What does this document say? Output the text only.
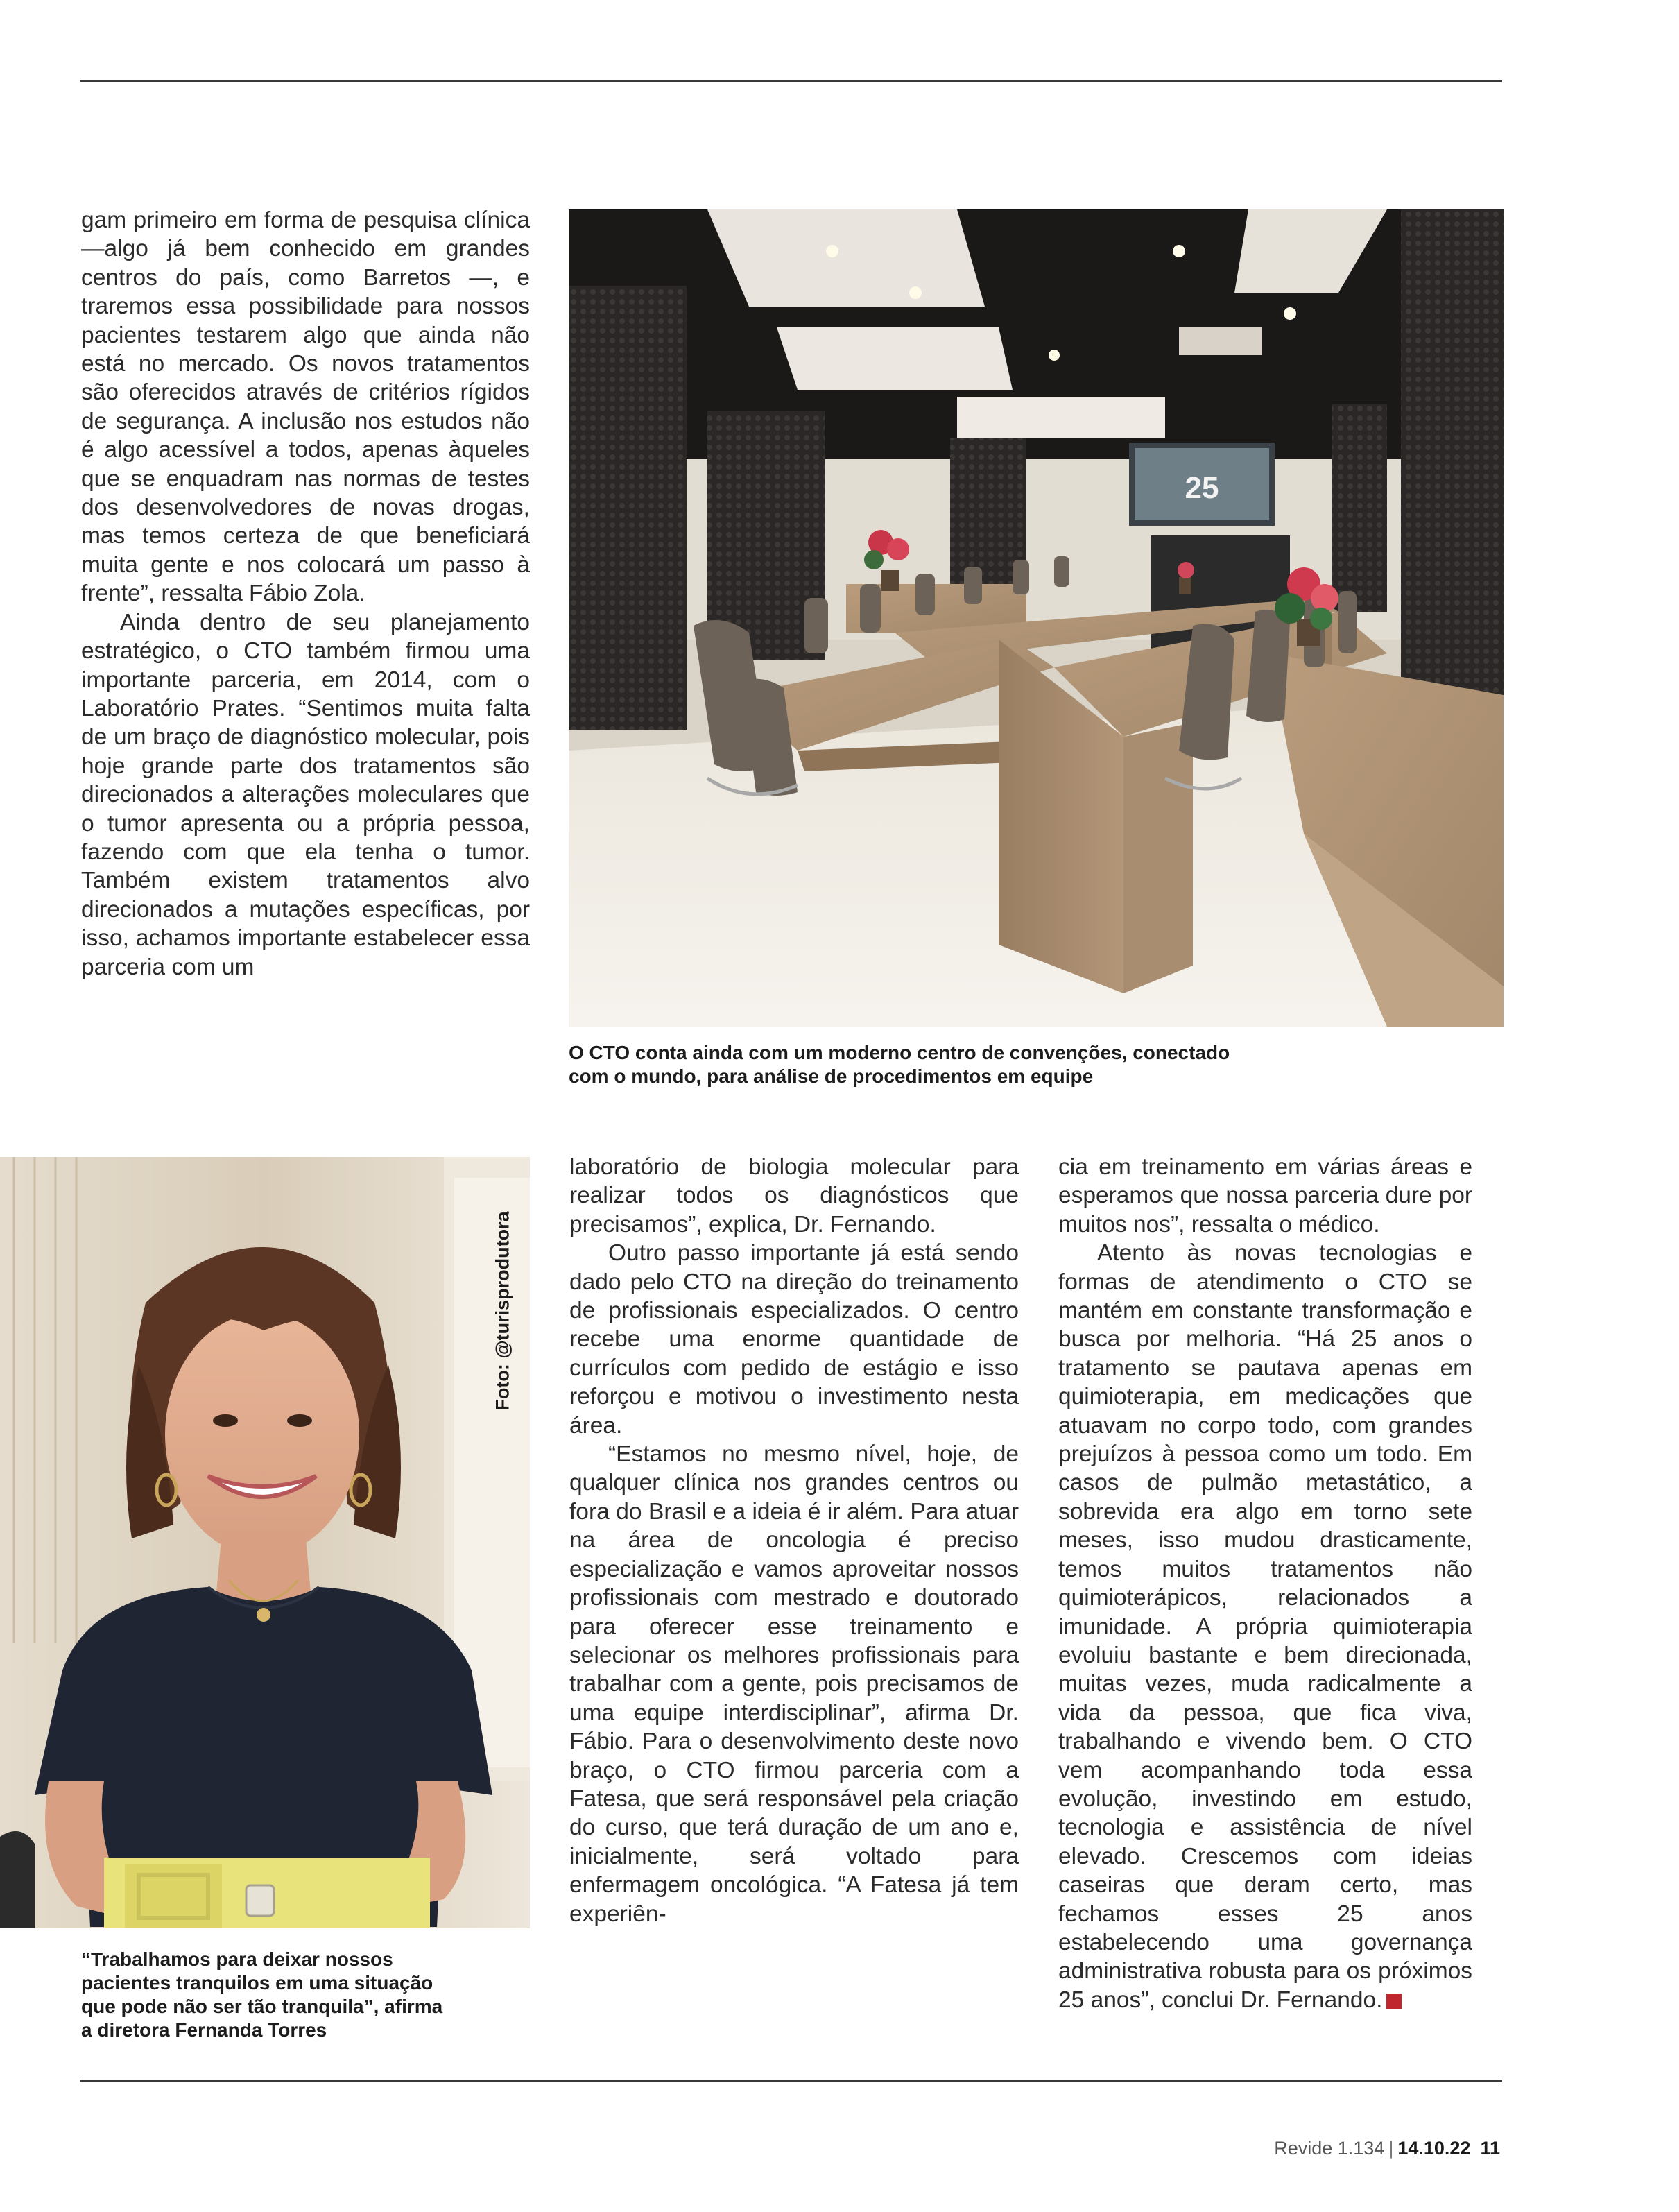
gam primeiro em forma de pesquisa clínica —algo já bem conhecido em grandes centros do país, como Barretos —, e traremos essa possibilidade para nossos pacientes testarem algo que ainda não está no mercado. Os novos tratamentos são oferecidos através de critérios rígidos de segurança. A inclusão nos estudos não é algo acessível a todos, apenas àqueles que se enquadram nas normas de testes dos desenvolvedores de novas drogas, mas temos certeza de que beneficiará muita gente e nos colocará um passo à frente”, ressalta Fábio Zola.

Ainda dentro de seu planejamento estratégico, o CTO também firmou uma importante parceria, em 2014, com o Laboratório Prates. “Sentimos muita falta de um braço de diagnóstico molecular, pois hoje grande parte dos tratamentos são direcionados a alterações moleculares que o tumor apresenta ou a própria pessoa, fazendo com que ela tenha o tumor. Também existem tratamentos alvo direcionados a mutações específicas, por isso, achamos importante estabelecer essa parceria com um

25
O CTO conta ainda com um moderno centro de convenções, conectado
com o mundo, para análise de procedimentos em equipe
Foto: @turisprodutora
“Trabalhamos para deixar nossos
pacientes tranquilos em uma situação
que pode não ser tão tranquila”, afirma
a diretora Fernanda Torres

laboratório de biologia molecular para realizar todos os diagnósticos que precisamos”, explica, Dr. Fernando.

Outro passo importante já está sendo dado pelo CTO na direção do treinamento de profissionais especializados. O centro recebe uma enorme quantidade de currículos com pedido de estágio e isso reforçou e motivou o investimento nesta área.

“Estamos no mesmo nível, hoje, de qualquer clínica nos grandes centros ou fora do Brasil e a ideia é ir além. Para atuar na área de oncologia é preciso especialização e vamos aproveitar nossos profissionais com mestrado e doutorado para oferecer esse treinamento e selecionar os melhores profissionais para trabalhar com a gente, pois precisamos de uma equipe interdisciplinar”, afirma Dr. Fábio. Para o desenvolvimento deste novo braço, o CTO firmou parceria com a Fatesa, que será responsável pela criação do curso, que terá duração de um ano e, inicialmente, será voltado para enfermagem oncológica. “A Fatesa já tem experiên-

cia em treinamento em várias áreas e esperamos que nossa parceria dure por muitos nos”, ressalta o médico.

Atento às novas tecnologias e formas de atendimento o CTO se mantém em constante transformação e busca por melhoria. “Há 25 anos o tratamento se pautava apenas em quimioterapia, em medicações que atuavam no corpo todo, com grandes prejuízos à pessoa como um todo. Em casos de pulmão metastático, a sobrevida era algo em torno sete meses, isso mudou drasticamente, temos muitos tratamentos não quimioterápicos, relacionados a imunidade. A própria quimioterapia evoluiu bastante e bem direcionada, muitas vezes, muda radicalmente a vida da pessoa, que fica viva, trabalhando e vivendo bem. O CTO vem acompanhando toda essa evolução, investindo em estudo, tecnologia e assistência de nível elevado. Crescemos com ideias caseiras que deram certo, mas fechamos esses 25 anos estabelecendo uma governança administrativa robusta para os próximos 25 anos”, conclui Dr. Fernando.	R

Revide 1.134 | 14.10.22 11
